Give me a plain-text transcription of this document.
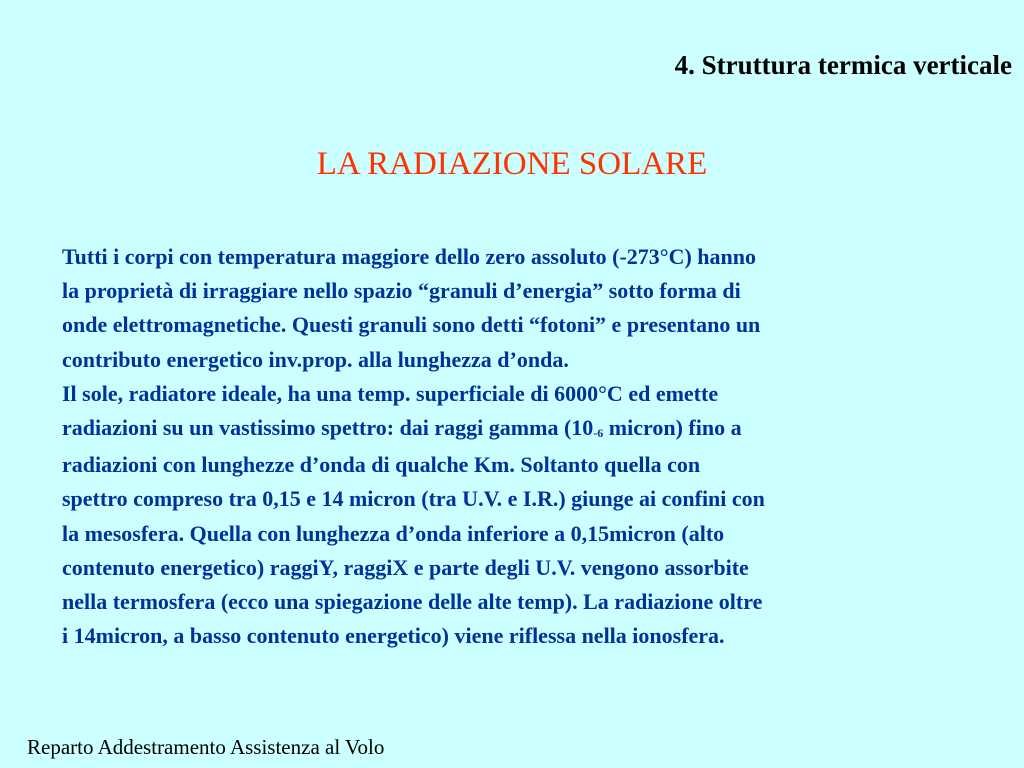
4. Struttura termica verticale
LA RADIAZIONE SOLARE
Tutti i corpi con temperatura maggiore dello zero assoluto (-273°C) hanno
la proprietà di irraggiare nello spazio “granuli d’energia” sotto forma di
onde elettromagnetiche. Questi granuli sono detti “fotoni” e presentano un
contributo energetico inv.prop. alla lunghezza d’onda.
Il sole, radiatore ideale, ha una temp. superficiale di 6000°C ed emette
radiazioni su un vastissimo spettro: dai raggi gamma ($10_{-6}$ micron) fino a
radiazioni con lunghezze d’onda di qualche Km. Soltanto quella con
spettro compreso tra 0,15 e 14 micron (tra U.V. e I.R.) giunge ai confini con
la mesosfera. Quella con lunghezza d’onda inferiore a 0,15micron (alto
contenuto energetico) raggiY, raggiX e parte degli U.V. vengono assorbite
nella termosfera (ecco una spiegazione delle alte temp). La radiazione oltre
i 14micron, a basso contenuto energetico) viene riflessa nella ionosfera.
Reparto Addestramento Assistenza al Volo
